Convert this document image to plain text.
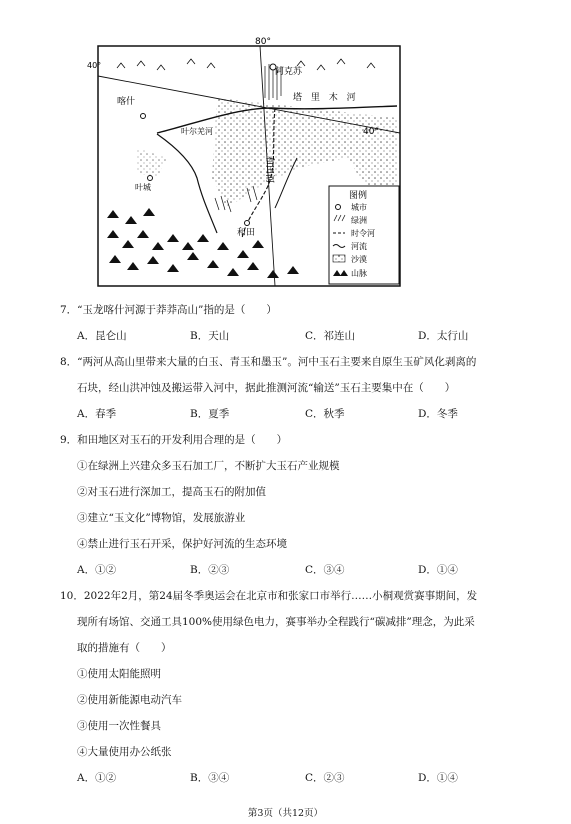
80°
40°
40°
阿克苏
塔 里 木 河
喀什
叶尔羌河
和田河
叶城
和田
图例
城市
绿洲
时令河
河流
沙漠
山脉
7．“玉龙喀什河源于莽莽高山”指的是（　　）
A．昆仑山	B．天山	C．祁连山	D．太行山
8．“两河从高山里带来大量的白玉、青玉和墨玉”。河中玉石主要来自原生玉矿风化剥离的
石块，经山洪冲蚀及搬运带入河中，据此推测河流“输送”玉石主要集中在（　　）
A．春季	B．夏季	C．秋季	D．冬季
9．和田地区对玉石的开发利用合理的是（　　）
①在绿洲上兴建众多玉石加工厂，不断扩大玉石产业规模
②对玉石进行深加工，提高玉石的附加值
③建立“玉文化”博物馆，发展旅游业
④禁止进行玉石开采，保护好河流的生态环境
A．①②	B．②③	C．③④	D．①④
10．2022年2月，第24届冬季奥运会在北京市和张家口市举行……小桐观赏赛事期间，发
现所有场馆、交通工具100%使用绿色电力，赛事举办全程践行“碳减排”理念，为此采
取的措施有（　　）
①使用太阳能照明
②使用新能源电动汽车
③使用一次性餐具
④大量使用办公纸张
A．①②	B．③④	C．②③	D．①④
第3页（共12页）
